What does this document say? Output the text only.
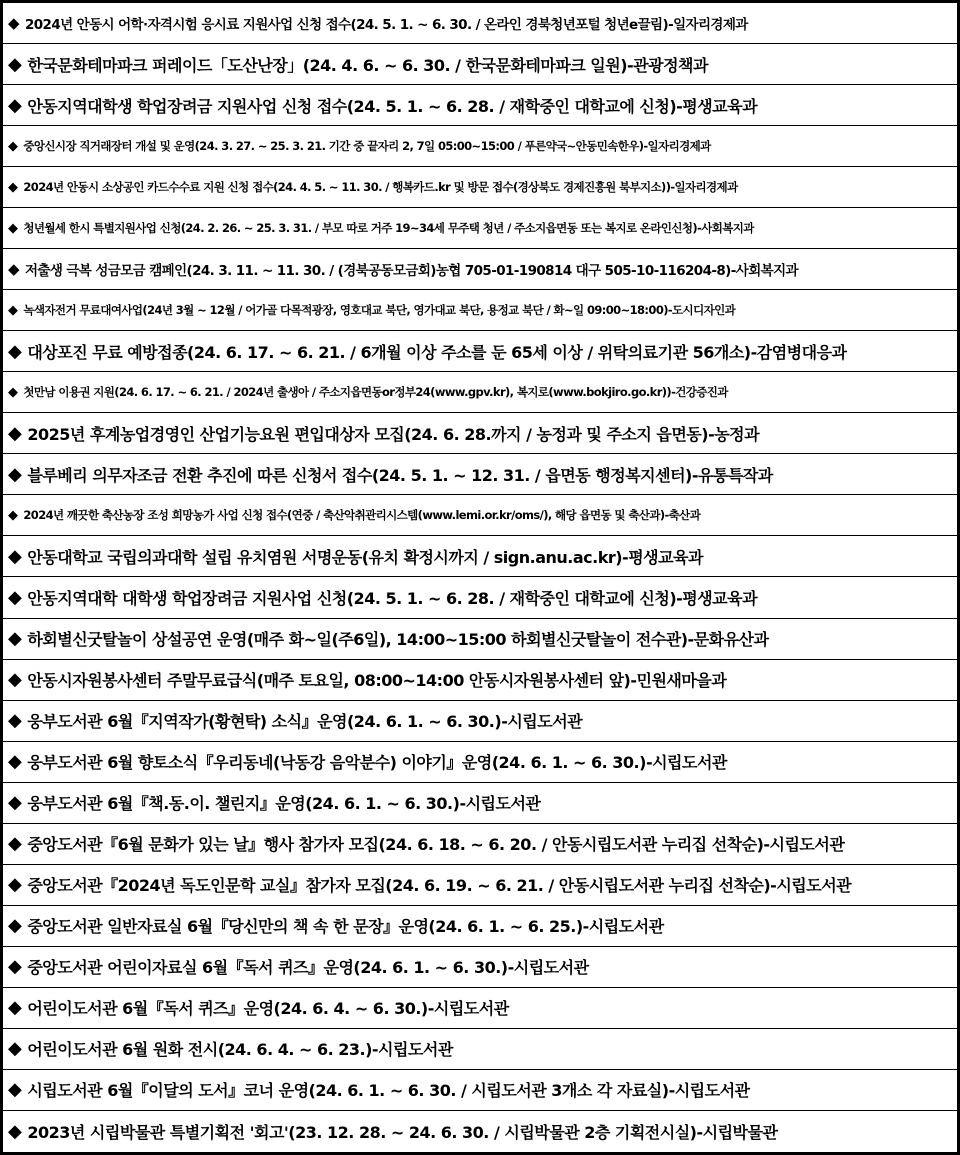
◆ 2024년 안동시 어학·자격시험 응시료 지원사업 신청 접수(24. 5. 1. ~ 6. 30. / 온라인 경북청년포털 청년e끌림)-일자리경제과
◆ 한국문화테마파크 퍼레이드「도산난장」(24. 4. 6. ~ 6. 30. / 한국문화테마파크 일원)-관광정책과
◆ 안동지역대학생 학업장려금 지원사업 신청 접수(24. 5. 1. ~ 6. 28. / 재학중인 대학교에 신청)-평생교육과
◆ 중앙신시장 직거래장터 개설 및 운영(24. 3. 27. ~ 25. 3. 21. 기간 중 끝자리 2, 7일 05:00~15:00 / 푸른약국~안동민속한우)-일자리경제과
◆ 2024년 안동시 소상공인 카드수수료 지원 신청 접수(24. 4. 5. ~ 11. 30. / 행복카드.kr 및 방문 접수(경상북도 경제진흥원 북부지소))-일자리경제과
◆ 청년월세 한시 특별지원사업 신청(24. 2. 26. ~ 25. 3. 31. / 부모 따로 거주 19~34세 무주택 청년 / 주소지읍면동 또는 복지로 온라인신청)-사회복지과
◆ 저출생 극복 성금모금 캠페인(24. 3. 11. ~ 11. 30. / (경북공동모금회)농협 705-01-190814 대구 505-10-116204-8)-사회복지과
◆ 녹색자전거 무료대여사업(24년 3월 ~ 12월 / 어가골 다목적광장, 영호대교 북단, 영가대교 북단, 용정교 북단 / 화~일 09:00~18:00)-도시디자인과
◆ 대상포진 무료 예방접종(24. 6. 17. ~ 6. 21. / 6개월 이상 주소를 둔 65세 이상 / 위탁의료기관 56개소)-감염병대응과
◆ 첫만남 이용권 지원(24. 6. 17. ~ 6. 21. / 2024년 출생아 / 주소지읍면동or정부24(www.gpv.kr), 복지로(www.bokjiro.go.kr))-건강증진과
◆ 2025년 후계농업경영인 산업기능요원 편입대상자 모집(24. 6. 28.까지 / 농정과 및 주소지 읍면동)-농정과
◆ 블루베리 의무자조금 전환 추진에 따른 신청서 접수(24. 5. 1. ~ 12. 31. / 읍면동 행정복지센터)-유통특작과
◆ 2024년 깨끗한 축산농장 조성 희망농가 사업 신청 접수(연중 / 축산악취관리시스템(www.lemi.or.kr/oms/), 해당 읍면동 및 축산과)-축산과
◆ 안동대학교 국립의과대학 설립 유치염원 서명운동(유치 확정시까지 / sign.anu.ac.kr)-평생교육과
◆ 안동지역대학 대학생 학업장려금 지원사업 신청(24. 5. 1. ~ 6. 28. / 재학중인 대학교에 신청)-평생교육과
◆ 하회별신굿탈놀이 상설공연 운영(매주 화~일(주6일), 14:00~15:00 하회별신굿탈놀이 전수관)-문화유산과
◆ 안동시자원봉사센터 주말무료급식(매주 토요일, 08:00~14:00 안동시자원봉사센터 앞)-민원새마을과
◆ 웅부도서관 6월『지역작가(황현탁) 소식』운영(24. 6. 1. ~ 6. 30.)-시립도서관
◆ 웅부도서관 6월 향토소식『우리동네(낙동강 음악분수) 이야기』운영(24. 6. 1. ~ 6. 30.)-시립도서관
◆ 웅부도서관 6월『책.동.이. 챌린지』운영(24. 6. 1. ~ 6. 30.)-시립도서관
◆ 중앙도서관『6월 문화가 있는 날』행사 참가자 모집(24. 6. 18. ~ 6. 20. / 안동시립도서관 누리집 선착순)-시립도서관
◆ 중앙도서관『2024년 독도인문학 교실』참가자 모집(24. 6. 19. ~ 6. 21. / 안동시립도서관 누리집 선착순)-시립도서관
◆ 중앙도서관 일반자료실 6월『당신만의 책 속 한 문장』운영(24. 6. 1. ~ 6. 25.)-시립도서관
◆ 중앙도서관 어린이자료실 6월『독서 퀴즈』운영(24. 6. 1. ~ 6. 30.)-시립도서관
◆ 어린이도서관 6월『독서 퀴즈』운영(24. 6. 4. ~ 6. 30.)-시립도서관
◆ 어린이도서관 6월 원화 전시(24. 6. 4. ~ 6. 23.)-시립도서관
◆ 시립도서관 6월『이달의 도서』코너 운영(24. 6. 1. ~ 6. 30. / 시립도서관 3개소 각 자료실)-시립도서관
◆ 2023년 시립박물관 특별기획전 '회고'(23. 12. 28. ~ 24. 6. 30. / 시립박물관 2층 기획전시실)-시립박물관
